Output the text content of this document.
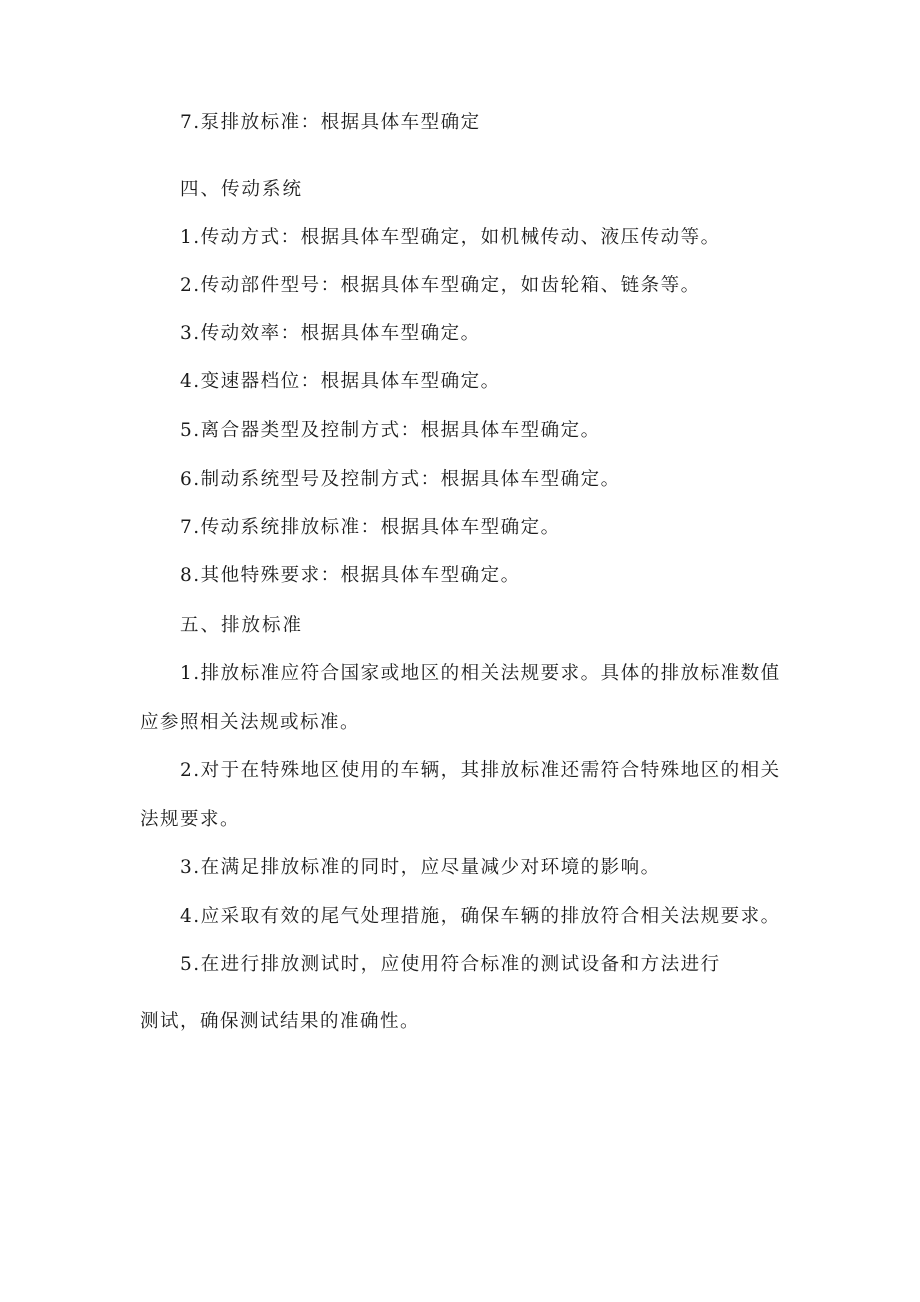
7.泵排放标准：根据具体车型确定
四、传动系统
1.传动方式：根据具体车型确定，如机械传动、液压传动等。
2.传动部件型号：根据具体车型确定，如齿轮箱、链条等。
3.传动效率：根据具体车型确定。
4.变速器档位：根据具体车型确定。
5.离合器类型及控制方式：根据具体车型确定。
6.制动系统型号及控制方式：根据具体车型确定。
7.传动系统排放标准：根据具体车型确定。
8.其他特殊要求：根据具体车型确定。
五、排放标准
1.排放标准应符合国家或地区的相关法规要求。具体的排放标准数值
应参照相关法规或标准。
2.对于在特殊地区使用的车辆，其排放标准还需符合特殊地区的相关
法规要求。
3.在满足排放标准的同时，应尽量减少对环境的影响。
4.应采取有效的尾气处理措施，确保车辆的排放符合相关法规要求。
5.在进行排放测试时，应使用符合标准的测试设备和方法进行
测试，确保测试结果的准确性。
